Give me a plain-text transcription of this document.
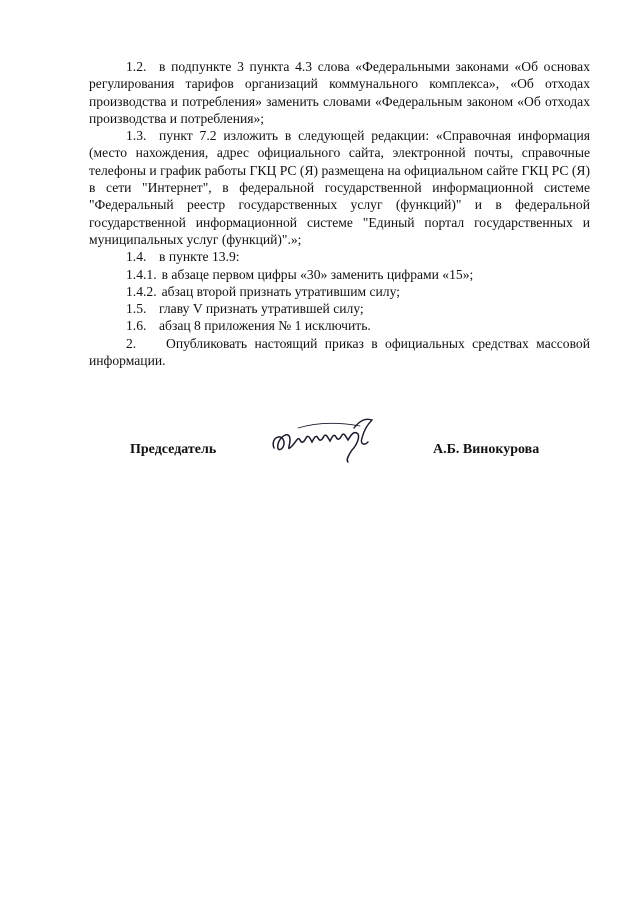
1.2. в подпункте 3 пункта 4.3 слова «Федеральными законами «Об основах регулирования тарифов организаций коммунального комплекса», «Об отходах производства и потребления» заменить словами «Федеральным законом «Об отходах производства и потребления»;

1.3. пункт 7.2 изложить в следующей редакции: «Справочная информация (место нахождения, адрес официального сайта, электронной почты, справочные телефоны и график работы ГКЦ РС (Я) размещена на официальном сайте ГКЦ РС (Я) в сети "Интернет", в федеральной государственной информационной системе "Федеральный реестр государственных услуг (функций)" и в федеральной государственной информационной системе "Единый портал государственных и муниципальных услуг (функций)".»;

1.4. в пункте 13.9:

1.4.1. в абзаце первом цифры «30» заменить цифрами «15»;

1.4.2. абзац второй признать утратившим силу;

1.5. главу V признать утратившей силу;

1.6. абзац 8 приложения № 1 исключить.

2. Опубликовать настоящий приказ в официальных средствах массовой информации.

Председатель	А.Б. Винокурова
